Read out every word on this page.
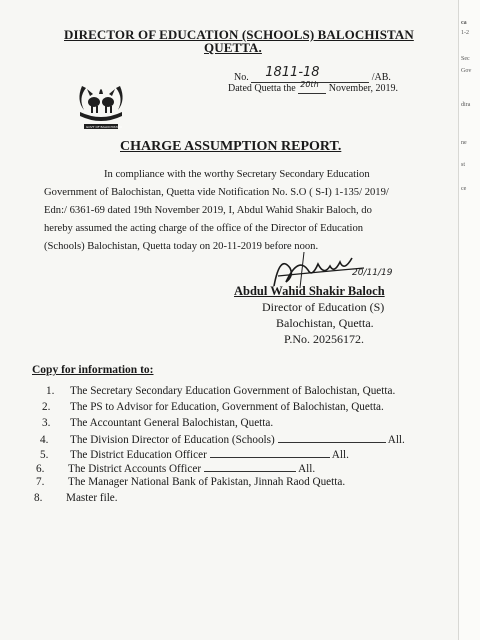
DIRECTOR OF EDUCATION (SCHOOLS) BALOCHISTAN
QUETTA.
No. 1811-18	/AB.
Dated Quetta the 20th November, 2019.
GOVT OF BALOCHISTAN
CHARGE ASSUMPTION REPORT.
In compliance with the worthy Secretary Secondary Education
Government of Balochistan, Quetta vide Notification No. S.O ( S-I) 1-135/ 2019/
Edn:/ 6361-69 dated 19th November 2019, I, Abdul Wahid Shakir Baloch, do
hereby assumed the acting charge of the office of the Director of Education
(Schools) Balochistan, Quetta today on 20-11-2019 before noon.
20/11/19
Abdul Wahid Shakir Baloch
Director of Education (S)
Balochistan, Quetta.
P.No. 20256172.
Copy for information to:
1. The Secretary Secondary Education Government of Balochistan, Quetta.
2. The PS to Advisor for Education, Government of Balochistan, Quetta.
3. The Accountant General Balochistan, Quetta.
4. The Division Director of Education (Schools)	All.
5. The District Education Officer	All.
6. The District Accounts Officer	All.
7. The Manager National Bank of Pakistan, Jinnah Raod Quetta.
8. Master file.
ca
1-2
Sec
Gov
dira
ne
st
ce
